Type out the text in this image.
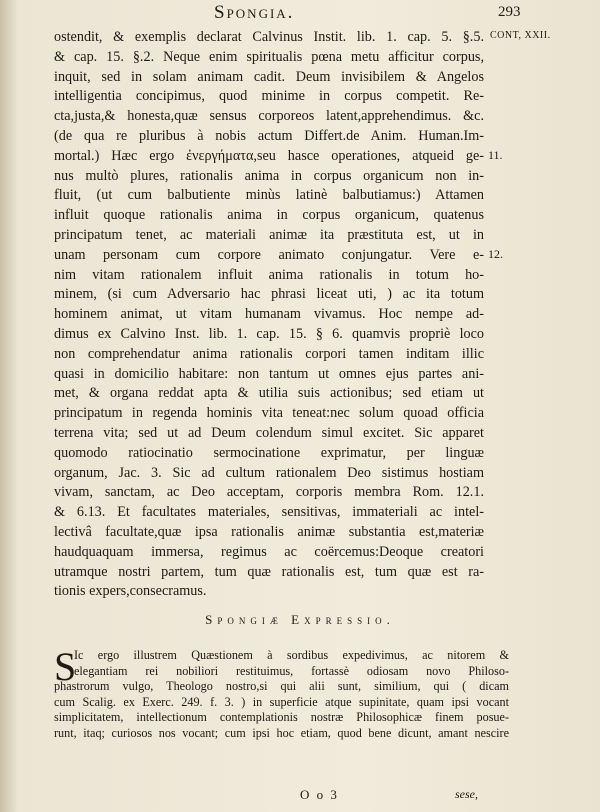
Spongia.	293
CONT, XXII.
ostendit, & exemplis declarat Calvinus Instit. lib. 1. cap. 5. §.5.
& cap. 15. §.2. Neque enim spiritualis pœna metu afficitur corpus,
inquit, sed in solam animam cadit. Deum invisibilem & Angelos
intelligentia concipimus, quod minime in corpus competit. Re-
cta,justa,& honesta,quæ sensus corporeos latent,apprehendimus. &c.
(de qua re pluribus à nobis actum Differt.de Anim. Human.Im-
mortal.) Hæc ergo ἐνεργήματα,seu hasce operationes, atqueid ge-
nus multò plures, rationalis anima in corpus organicum non in-
fluit, (ut cum balbutiente minùs latinè balbutiamus:) Attamen
influit quoque rationalis anima in corpus organicum, quatenus
principatum tenet, ac materiali animæ ita præstituta est, ut in
unam personam cum corpore animato conjungatur. Vere e-
nim vitam rationalem influit anima rationalis in totum ho-
minem, (si cum Adversario hac phrasi liceat uti, ) ac ita totum
hominem animat, ut vitam humanam vivamus. Hoc nempe ad-
dimus ex Calvino Inst. lib. 1. cap. 15. § 6. quamvis propriè loco
non comprehendatur anima rationalis corpori tamen inditam illic
quasi in domicilio habitare: non tantum ut omnes ejus partes ani-
met, & organa reddat apta & utilia suis actionibus; sed etiam ut
principatum in regenda hominis vita teneat:nec solum quoad officia
terrena vita; sed ut ad Deum colendum simul excitet. Sic apparet
quomodo ratiocinatio sermocinatione exprimatur, per linguæ
organum, Jac. 3. Sic ad cultum rationalem Deo sistimus hostiam
vivam, sanctam, ac Deo acceptam, corporis membra Rom. 12.1.
& 6.13. Et facultates materiales, sensitivas, immateriali ac intel-
lectivâ facultate,quæ ipsa rationalis animæ substantia est,materiæ
haudquaquam immersa, regimus ac coërcemus:Deoque creatori
utramque nostri partem, tum quæ rationalis est, tum quæ est ra-
tionis expers,consecramus.
11.
12.
Spongiæ Expressio.
S
Ic ergo illustrem Quæstionem à sordibus expedivimus, ac nitorem &
elegantiam rei nobiliori restituimus, fortassè odiosam novo Philoso-
phastrorum vulgo, Theologo nostro,si qui alii sunt, similium, qui ( dicam
cum Scalig. ex Exerc. 249. f. 3. ) in superficie atque supinitate, quam ipsi vocant
simplicitatem, intellectionum contemplationis nostræ Philosophicæ finem posue-
runt, itaq; curiosos nos vocant; cum ipsi hoc etiam, quod bene dicunt, amant nescire
O o 3	sese,
